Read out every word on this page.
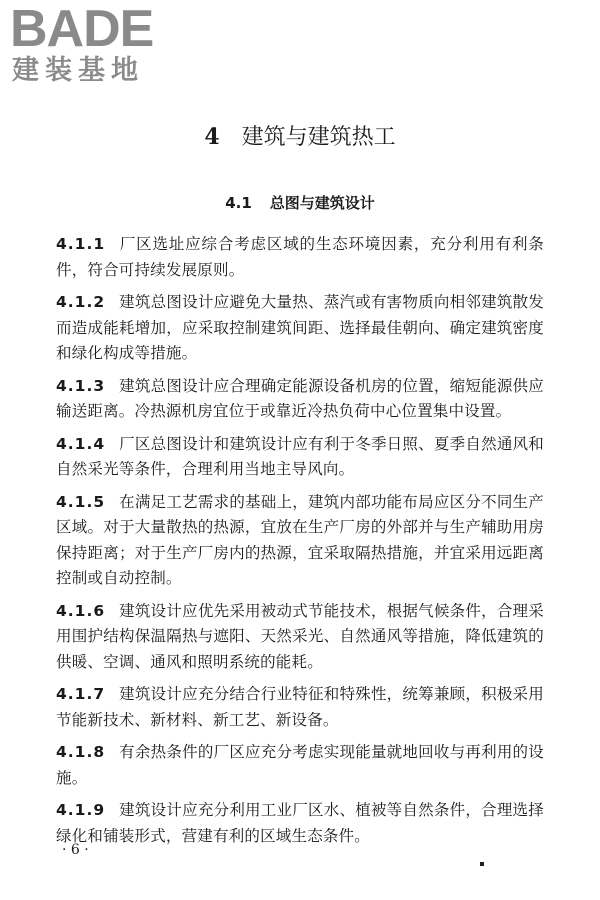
BADE
建装基地
4 建筑与建筑热工
4.1 总图与建筑设计
4.1.1 厂区选址应综合考虑区域的生态环境因素，充分利用有利条件，符合可持续发展原则。
4.1.2 建筑总图设计应避免大量热、蒸汽或有害物质向相邻建筑散发而造成能耗增加，应采取控制建筑间距、选择最佳朝向、确定建筑密度和绿化构成等措施。
4.1.3 建筑总图设计应合理确定能源设备机房的位置，缩短能源供应输送距离。冷热源机房宜位于或靠近冷热负荷中心位置集中设置。
4.1.4 厂区总图设计和建筑设计应有利于冬季日照、夏季自然通风和自然采光等条件，合理利用当地主导风向。
4.1.5 在满足工艺需求的基础上，建筑内部功能布局应区分不同生产区域。对于大量散热的热源，宜放在生产厂房的外部并与生产辅助用房保持距离；对于生产厂房内的热源，宜采取隔热措施，并宜采用远距离控制或自动控制。
4.1.6 建筑设计应优先采用被动式节能技术，根据气候条件，合理采用围护结构保温隔热与遮阳、天然采光、自然通风等措施，降低建筑的供暖、空调、通风和照明系统的能耗。
4.1.7 建筑设计应充分结合行业特征和特殊性，统筹兼顾，积极采用节能新技术、新材料、新工艺、新设备。
4.1.8 有余热条件的厂区应充分考虑实现能量就地回收与再利用的设施。
4.1.9 建筑设计应充分利用工业厂区水、植被等自然条件，合理选择绿化和铺装形式，营建有利的区域生态条件。
· 6 ·
